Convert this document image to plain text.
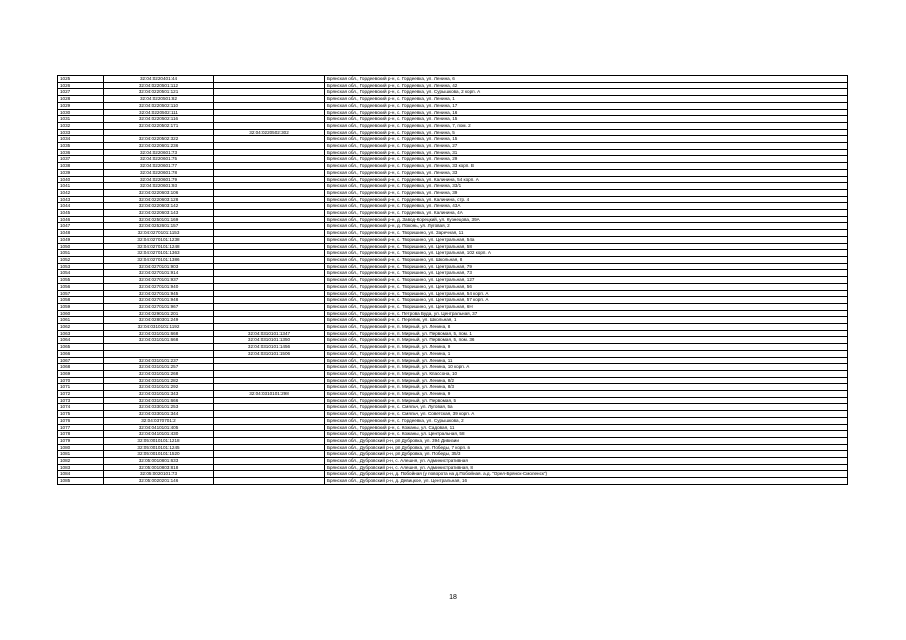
1025	32:04:0220401:44		Брянская обл., Гордеевский р-н, с. Гордеевка, ул. Ленина, 6
1026	32:04:0220501:112		Брянская обл., Гордеевский р-н, с. Гордеевка, ул. Ленина, 42
1027	32:04:0220501:121		Брянская обл., Гордеевский р-н, с. Гордеевка, ул. Сурышкова, 2 корп. А
1028	32:04:0220501:82		Брянская обл., Гордеевский р-н, с. Гордеевка, ул. Ленина, 1
1029	32:04:0220502:110		Брянская обл., Гордеевский р-н, с. Гордеевка, ул. Ленина, 17
1030	32:04:0220502:111		Брянская обл., Гордеевский р-н, с. Гордеевка, ул. Ленина, 16
1031	32:04:0220502:116		Брянская обл., Гордеевский р-н, с. Гордеевка, ул. Ленина, 15
1032	32:04:0220502:171		Брянская обл., Гордеевский р-н, с. Гордеевка, ул. Ленина, 7, пом. 2
1033		32:04:0220502:302	Брянская обл., Гордеевский р-н, с. Гордеевка, ул. Ленина, 5
1034	32:04:0220502:322		Брянская обл., Гордеевский р-н, с. Гордеевка, ул. Ленина, 15
1035	32:04:0220601:236		Брянская обл., Гордеевский р-н, с. Гордеевка, ул. Ленина, 27
1036	32:04:0220601:73		Брянская обл., Гордеевский р-н, с. Гордеевка, ул. Ленина, 31
1037	32:04:0220601:75		Брянская обл., Гордеевский р-н, с. Гордеевка, ул. Ленина, 29
1038	32:04:0220601:77		Брянская обл., Гордеевский р-н, с. Гордеевка, ул. Ленина, 33 корп. В
1039	32:04:0220601:78		Брянская обл., Гордеевский р-н, с. Гордеевка, ул. Ленина, 33
1040	32:04:0220601:79		Брянская обл., Гордеевский р-н, с. Гордеевка, ул. Калинина, 54 корп. А
1041	32:04:0220601:93		Брянская обл., Гордеевский р-н, с. Гордеевка, ул. Ленина, 33/1
1042	32:04:0220603:106		Брянская обл., Гордеевский р-н, с. Гордеевка, ул. Ленина, 39
1043	32:04:0220603:128		Брянская обл., Гордеевский р-н, с. Гордеевка, ул. Калинина, стр. 4
1044	32:04:0220603:142		Брянская обл., Гордеевский р-н, с. Гордеевка, ул. Ленина, 43А
1045	32:04:0220603:143		Брянская обл., Гордеевский р-н, с. Гордеевка, ул. Калинина, 4А
1046	32:04:0250101:169		Брянская обл., Гордеевский р-н, д. Завод-Корецкий, ул. Кузнецова, 39А
1047	32:04:0252601:157		Брянская обл., Гордеевский р-н, д. Поконь, ул. Луговая, 2
1048	32:04:0270101:1153		Брянская обл., Гордеевский р-н, с. Творишино, ул. Заречная, 11
1049	32:04:0270101:1238		Брянская обл., Гордеевский р-н, с. Творишино, ул. Центральная, 54а
1050	32:04:0270101:1248		Брянская обл., Гордеевский р-н, с. Творишино, ул. Центральная, 58
1051	32:04:0270101:1363		Брянская обл., Гордеевский р-н, с. Творишино, ул. Центральная, 102 корп. А
1052	32:04:0270101:1386		Брянская обл., Гордеевский р-н, с. Творишино, ул. Школьная, 8
1053	32:04:0270101:903		Брянская обл., Гордеевский р-н, с. Творишино, ул. Центральная, 79
1054	32:04:0270101:914		Брянская обл., Гордеевский р-н, с. Творишино, ул. Центральная, 73
1055	32:04:0270101:937		Брянская обл., Гордеевский р-н, с. Творишино, ул. Центральная, 127
1056	32:04:0270101:940		Брянская обл., Гордеевский р-н, с. Творишино, ул. Центральная, 56
1057	32:04:0270101:945		Брянская обл., Гордеевский р-н, с. Творишино, ул. Центральная, 54 корп. А
1058	32:04:0270101:948		Брянская обл., Гордеевский р-н, с. Творишино, ул. Центральная, 57 корп. А
1059	32:04:0270101:967		Брянская обл., Гордеевский р-н, с. Творишино, ул. Центральная, 6Н
1060	32:04:0290101:201		Брянская обл., Гордеевский р-н, с. Петрова Буда, ул. Центральная, 37
1061	32:04:0280301:249		Брянская обл., Гордеевский р-н, с. Перелик, ул. Школьная, 1
1062	32:04:0310101:1192		Брянская обл., Гордеевский р-н, п. Мирный, ул. Ленина, 8
1063	32:04:0310101:668	32:04:0310101:1347	Брянская обл., Гордеевский р-н, п. Мирный, ул. Первомая, 5, пом. 1
1064	32:04:0310101:668	32:04:0310101:1350	Брянская обл., Гордеевский р-н, п. Мирный, ул. Первомая, 5, пом. 36
1065		32:04:0310101:1456	Брянская обл., Гордеевский р-н, п. Мирный, ул. Ленина, 9
1066		32:04:0310101:1506	Брянская обл., Гордеевский р-н, п. Мирный, ул. Ленина, 1
1067	32:04:0310101:237		Брянская обл., Гордеевский р-н, п. Мирный, ул. Ленина, 11
1068	32:04:0310101:257		Брянская обл., Гордеевский р-н, п. Мирный, ул. Ленина, 10 корп. А
1069	32:04:0310101:268		Брянская обл., Гордеевский р-н, п. Мирный, ул. Кпассона, 10
1070	32:04:0310101:282		Брянская обл., Гордеевский р-н, п. Мирный, ул. Ленина, 8/2
1071	32:04:0310101:292		Брянская обл., Гордеевский р-н, п. Мирный, ул. Ленина, 8/3
1072	32:04:0310101:343	32:04:0310101:298	Брянская обл., Гордеевский р-н, п. Мирный, ул. Ленина, 9
1073	32:04:0310101:666		Брянская обл., Гордеевский р-н, п. Мирный, ул. Первомая, 5
1074	32:04:0330101:253		Брянская обл., Гордеевский р-н, с. Смяльч, ул. Луговая, 5а
1075	32:04:0330101:344		Брянская обл., Гордеевский р-н, с. Смяльч, ул. Советская, 39 корп. А
1076	32:04:0370701:2		Брянская обл., Гордеевский р-н, с. Гордеевка, ул. Сурышкова, 2
1077	32:04:0410101:405		Брянская обл., Гордеевский р-н, с. Кожаны, ул. Садовая, 11
1078	32:04:0410101:430		Брянская обл., Гордеевский р-н, с. Кожаны, ул. Центральная, 58
1079	32:05:0010101:1218		Брянская обл., Дубровский р-н, рп Дубровка, ул. 394 Дивизии
1080	32:05:0010101:1245		Брянская обл., Дубровский р-н, рп Дубровка, ул. Победы, 7 корп. в
1081	32:05:0010101:1520		Брянская обл., Дубровский р-н, рп Дубровка, ул. Победы, 35/3
1082	32:05:0010801:633		Брянская обл., Дубровский р-н, с. Алешня, ул. Административная
1083	32:05:0010803:818		Брянская обл., Дубровский р-н, с. Алешня, ул. Административная, 8
1084	32:05:0020101:73		Брянская обл., Дубровский р-н, д. Побойная (у поворота на д.Побойная. а.д. "Орел-Брянск-Смоленск")
1085	32:05:0020201:146		Брянская обл., Дубровский р-н, д. Девицкое, ул. Центральная, 16
18
